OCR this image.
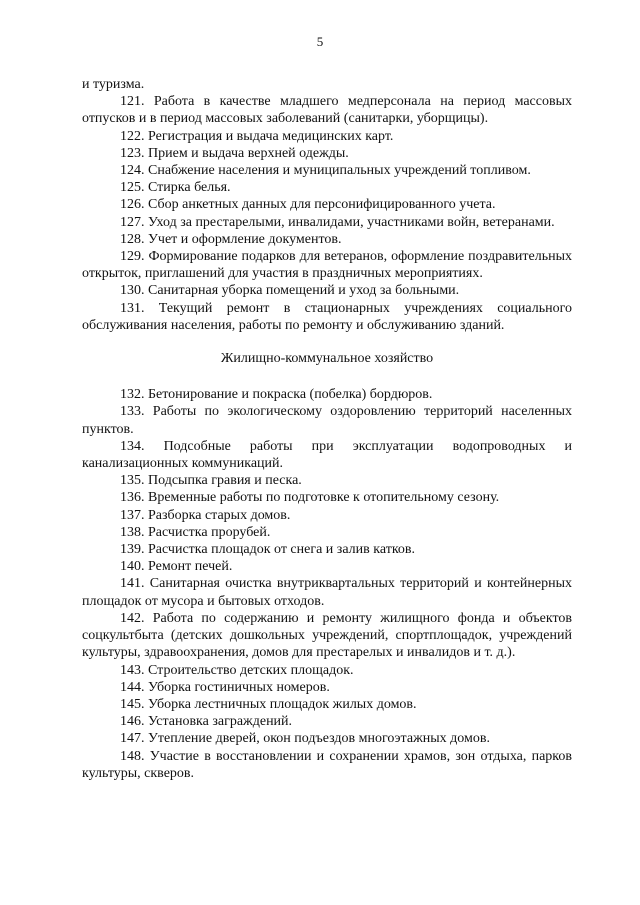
5

и туризма.

121. Работа в качестве младшего медперсонала на период массовых отпусков и в период массовых заболеваний (санитарки, уборщицы).

122. Регистрация и выдача медицинских карт.

123. Прием и выдача верхней одежды.

124. Снабжение населения и муниципальных учреждений топливом.

125. Стирка белья.

126. Сбор анкетных данных для персонифицированного учета.

127. Уход за престарелыми, инвалидами, участниками войн, ветеранами.

128. Учет и оформление документов.

129. Формирование подарков для ветеранов, оформление поздравительных открыток, приглашений для участия в праздничных мероприятиях.

130. Санитарная уборка помещений и уход за больными.

131. Текущий ремонт в стационарных учреждениях социального обслуживания населения, работы по ремонту и обслуживанию зданий.

Жилищно-коммунальное хозяйство

132. Бетонирование и покраска (побелка) бордюров.

133. Работы по экологическому оздоровлению территорий населенных пунктов.

134. Подсобные работы при эксплуатации водопроводных и канализационных коммуникаций.

135. Подсыпка гравия и песка.

136. Временные работы по подготовке к отопительному сезону.

137. Разборка старых домов.

138. Расчистка прорубей.

139. Расчистка площадок от снега и залив катков.

140. Ремонт печей.

141. Санитарная очистка внутриквартальных территорий и контейнерных площадок от мусора и бытовых отходов.

142. Работа по содержанию и ремонту жилищного фонда и объектов соцкультбыта (детских дошкольных учреждений, спортплощадок, учреждений культуры, здравоохранения, домов для престарелых и инвалидов и т. д.).

143. Строительство детских площадок.

144. Уборка гостиничных номеров.

145. Уборка лестничных площадок жилых домов.

146. Установка заграждений.

147. Утепление дверей, окон подъездов многоэтажных домов.

148. Участие в восстановлении и сохранении храмов, зон отдыха, парков культуры, скверов.
